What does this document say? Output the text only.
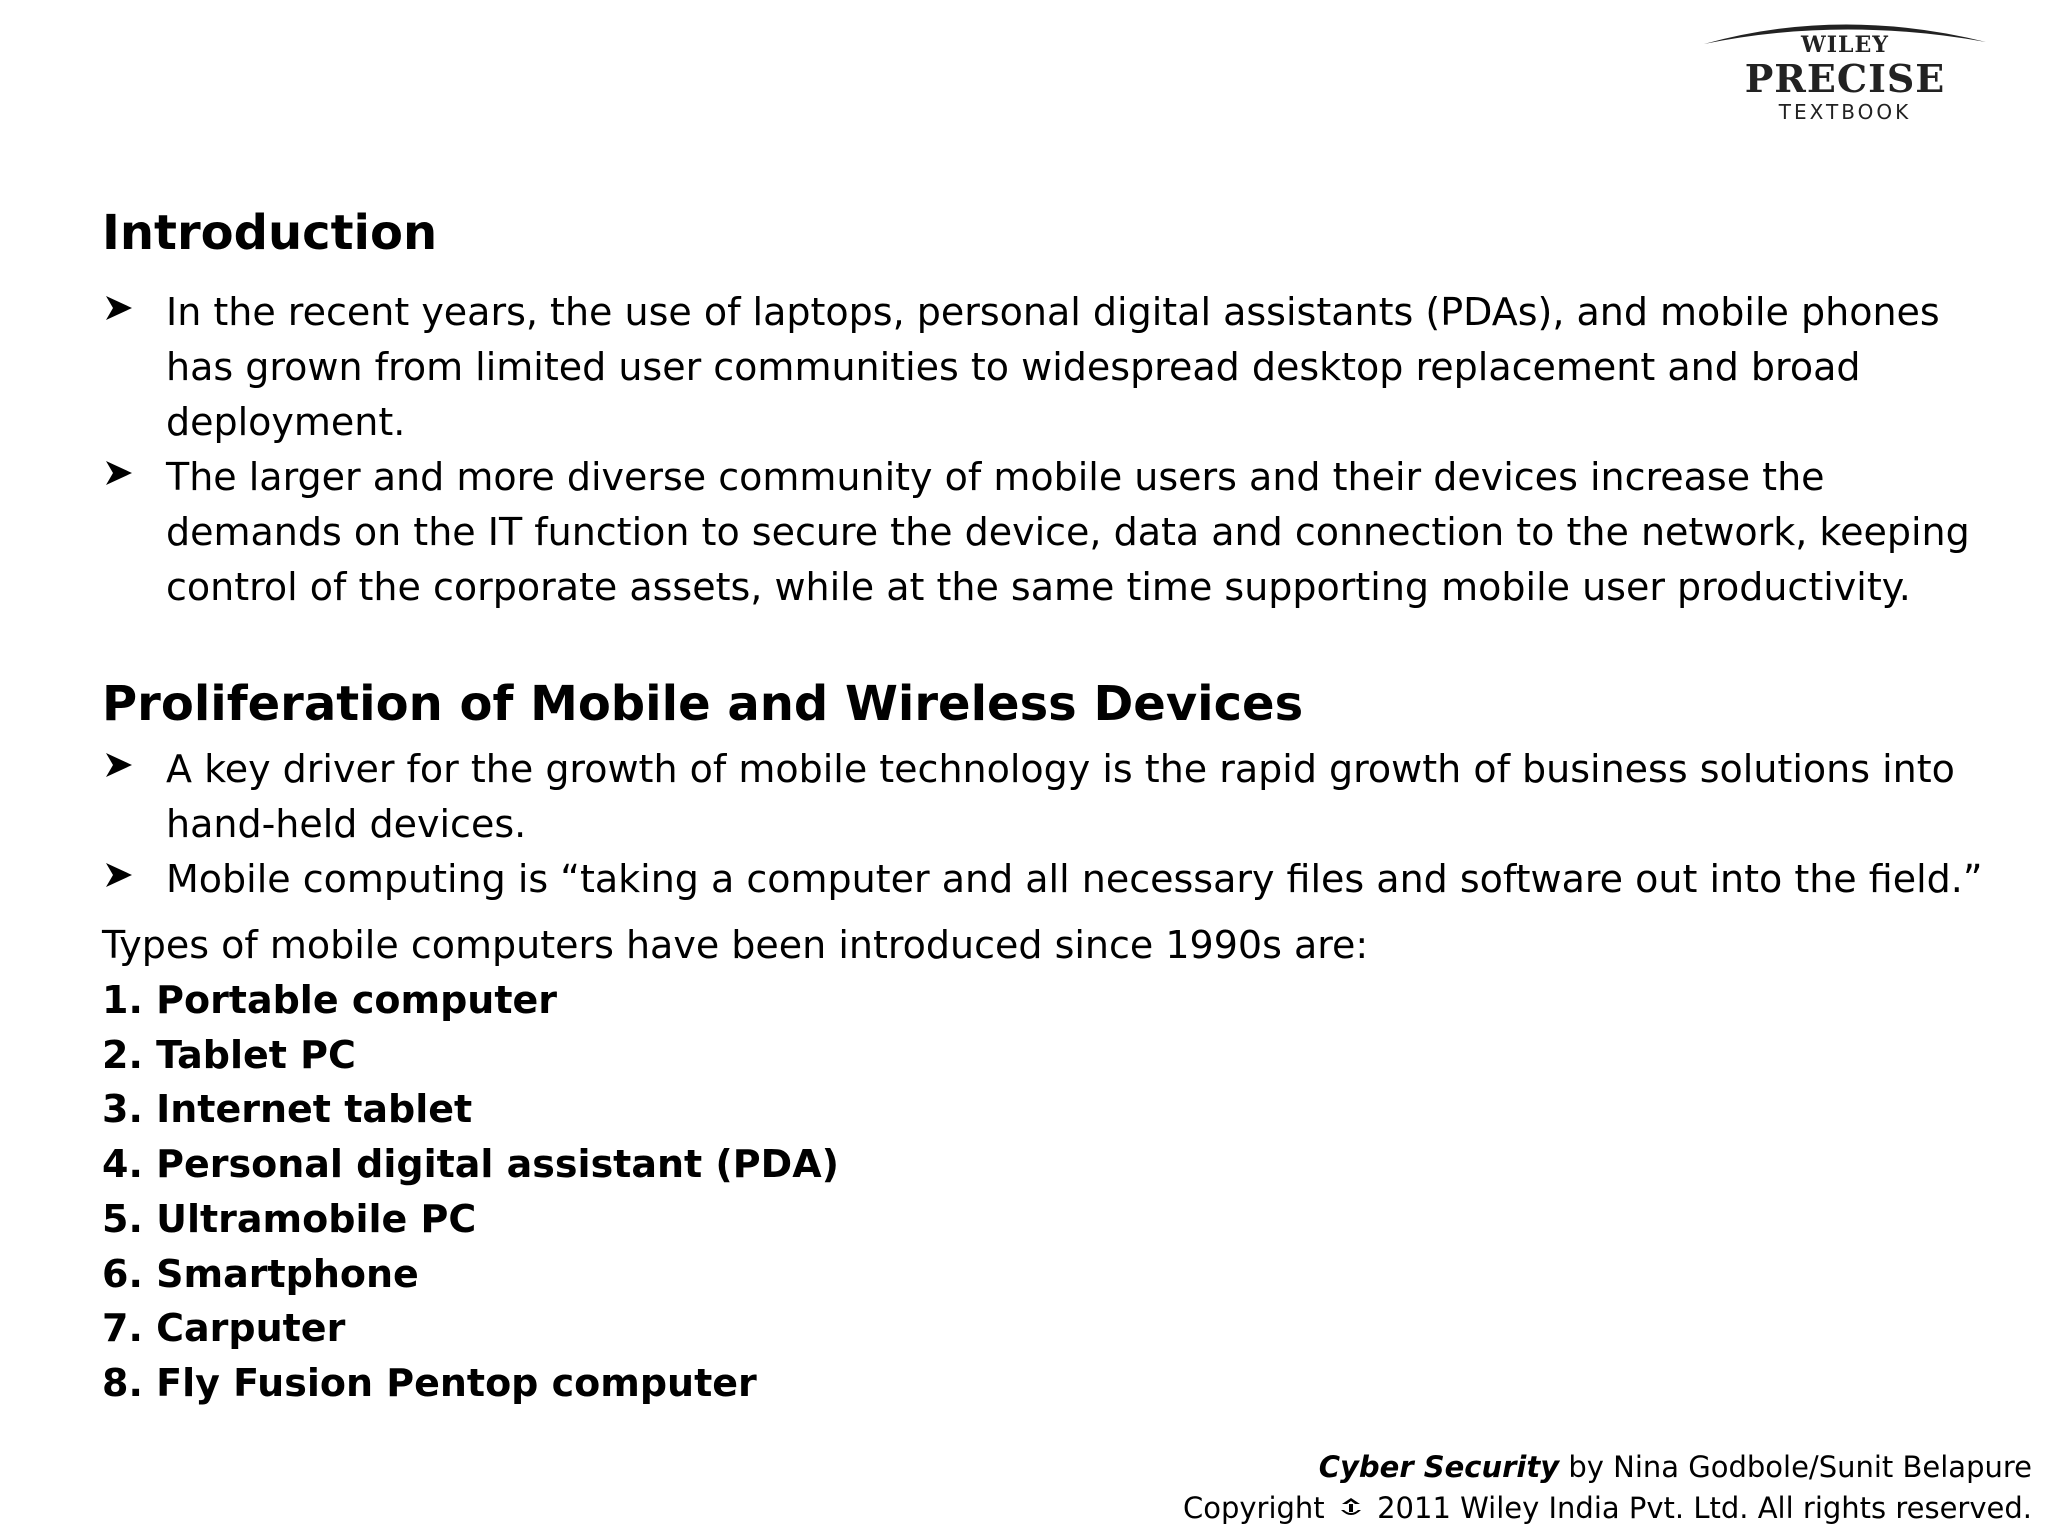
WILEY
PRECISE
TEXTBOOK
Introduction
In the recent years, the use of laptops, personal digital assistants (PDAs), and mobile phones has grown from limited user communities to widespread desktop replacement and broad deployment.
The larger and more diverse community of mobile users and their devices increase the demands on the IT function to secure the device, data and connection to the network, keeping control of the corporate assets, while at the same time supporting mobile user productivity.
Proliferation of Mobile and Wireless Devices
A key driver for the growth of mobile technology is the rapid growth of business solutions into hand-held devices.
Mobile computing is “taking a computer and all necessary files and software out into the field.”
Types of mobile computers have been introduced since 1990s are:
1. Portable computer
2. Tablet PC
3. Internet tablet
4. Personal digital assistant (PDA)
5. Ultramobile PC
6. Smartphone
7. Carputer
8. Fly Fusion Pentop computer
Cyber Security by Nina Godbole/Sunit Belapure
Copyright 2011 Wiley India Pvt. Ltd. All rights reserved.
